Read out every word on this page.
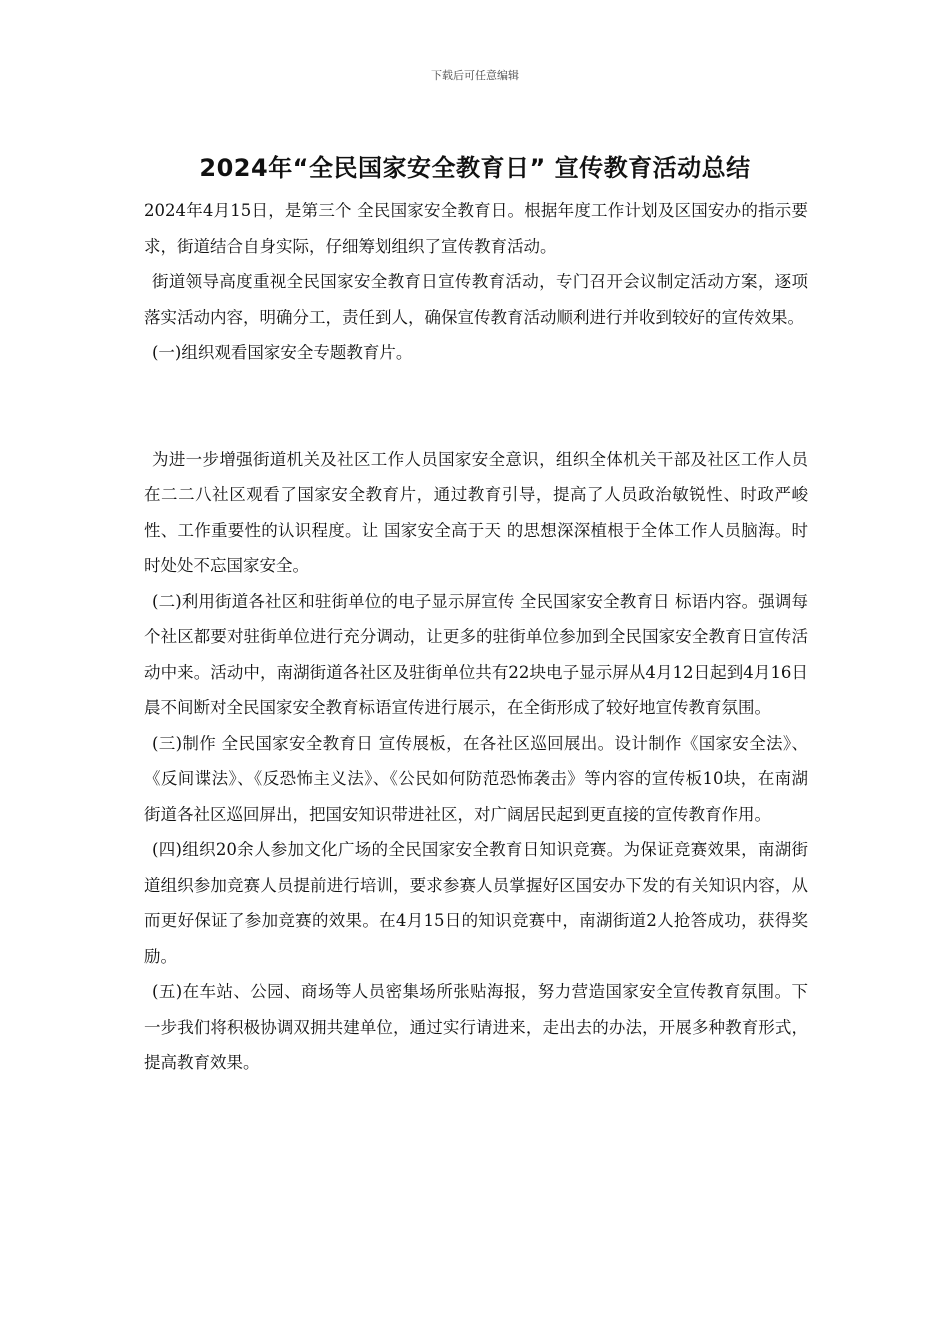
下载后可任意编辑
2024年“全民国家安全教育日” 宣传教育活动总结

2024年4月15日，是第三个 全民国家安全教育日。根据年度工作计划及区国安办的指示要求，街道结合自身实际，仔细筹划组织了宣传教育活动。

街道领导高度重视全民国家安全教育日宣传教育活动，专门召开会议制定活动方案，逐项落实活动内容，明确分工，责任到人，确保宣传教育活动顺利进行并收到较好的宣传效果。

(一)组织观看国家安全专题教育片。

为进一步增强街道机关及社区工作人员国家安全意识，组织全体机关干部及社区工作人员在二二八社区观看了国家安全教育片，通过教育引导，提高了人员政治敏锐性、时政严峻性、工作重要性的认识程度。让 国家安全高于天 的思想深深植根于全体工作人员脑海。时时处处不忘国家安全。

(二)利用街道各社区和驻街单位的电子显示屏宣传 全民国家安全教育日 标语内容。强调每个社区都要对驻街单位进行充分调动，让更多的驻街单位参加到全民国家安全教育日宣传活动中来。活动中，南湖街道各社区及驻街单位共有22块电子显示屏从4月12日起到4月16日晨不间断对全民国家安全教育标语宣传进行展示，在全街形成了较好地宣传教育氛围。

(三)制作 全民国家安全教育日 宣传展板，在各社区巡回展出。设计制作《国家安全法》、《反间谍法》、《反恐怖主义法》、《公民如何防范恐怖袭击》等内容的宣传板10块，在南湖街道各社区巡回屏出，把国安知识带进社区，对广阔居民起到更直接的宣传教育作用。

(四)组织20余人参加文化广场的全民国家安全教育日知识竞赛。为保证竞赛效果，南湖街道组织参加竞赛人员提前进行培训，要求参赛人员掌握好区国安办下发的有关知识内容，从而更好保证了参加竞赛的效果。在4月15日的知识竞赛中，南湖街道2人抢答成功，获得奖励。

(五)在车站、公园、商场等人员密集场所张贴海报，努力营造国家安全宣传教育氛围。下一步我们将积极协调双拥共建单位，通过实行请进来，走出去的办法，开展多种教育形式，提高教育效果。
